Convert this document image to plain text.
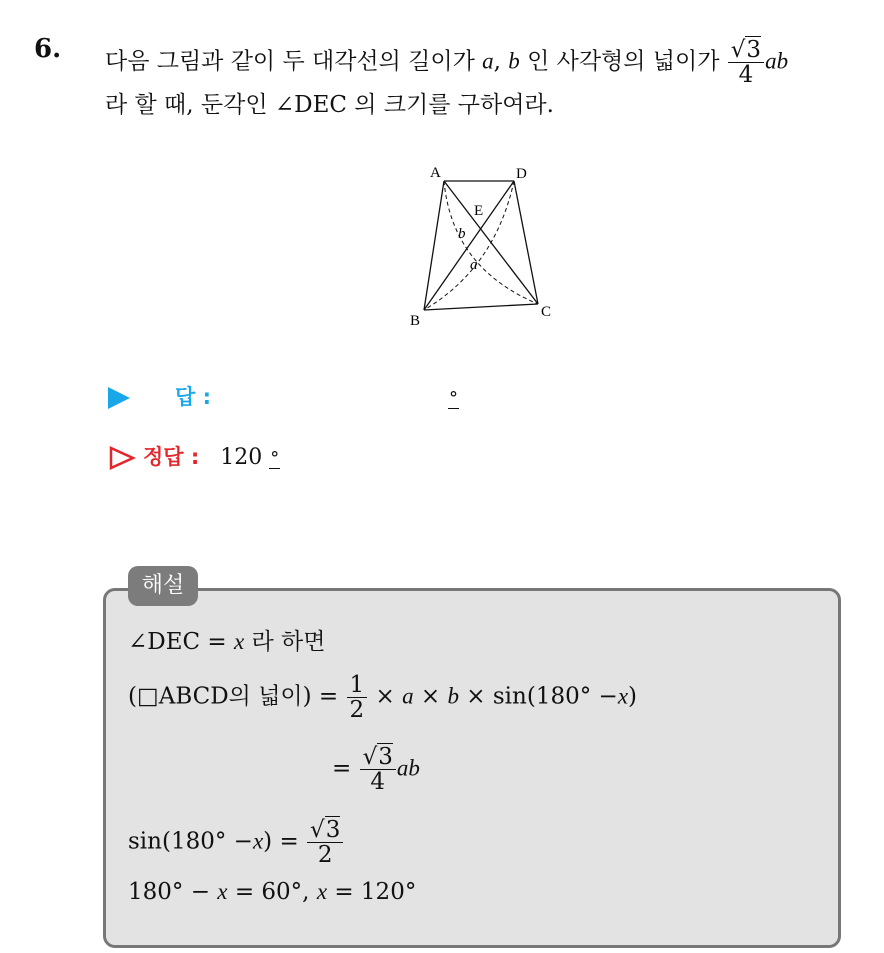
6. 다음 그림과 같이 두 대각선의 길이가 a, b 인 사각형의 넓이가 $\frac{√3}{4}$ ab
라 할 때, 둔각인 ∠DEC 의 크기를 구하여라.
A	D
E
B
C
b
a
답 :	°
정답 : 120 °
해설
∠DEC = x 라 하면
(□ABCD의 넓이) = $\frac{1}{2} \times a \times b \times \sin(180^\circ -x)$
= $\frac{√3}{4}$ ab
$\sin(180^\circ -x) = \frac{√3}{2}$
180° − x = 60°, x = 120°
